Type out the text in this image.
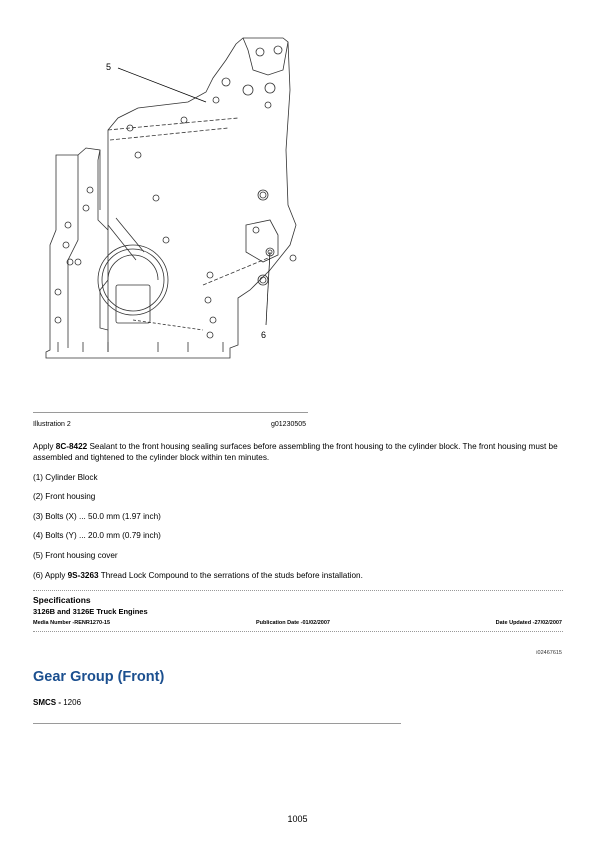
5
6
Illustration 2	g01230505
Apply 8C-8422 Sealant to the front housing sealing surfaces before assembling the front housing to the cylinder block. The front housing must be assembled and tightened to the cylinder block within ten minutes.
(1) Cylinder Block
(2) Front housing
(3) Bolts (X) ... 50.0 mm (1.97 inch)
(4) Bolts (Y) ... 20.0 mm (0.79 inch)
(5) Front housing cover
(6) Apply 9S-3263 Thread Lock Compound to the serrations of the studs before installation.
Specifications
3126B and 3126E Truck Engines
Media Number -RENR1270-15	Publication Date -01/02/2007	Date Updated -27/02/2007
i02467615
Gear Group (Front)
SMCS - 1206
1005
